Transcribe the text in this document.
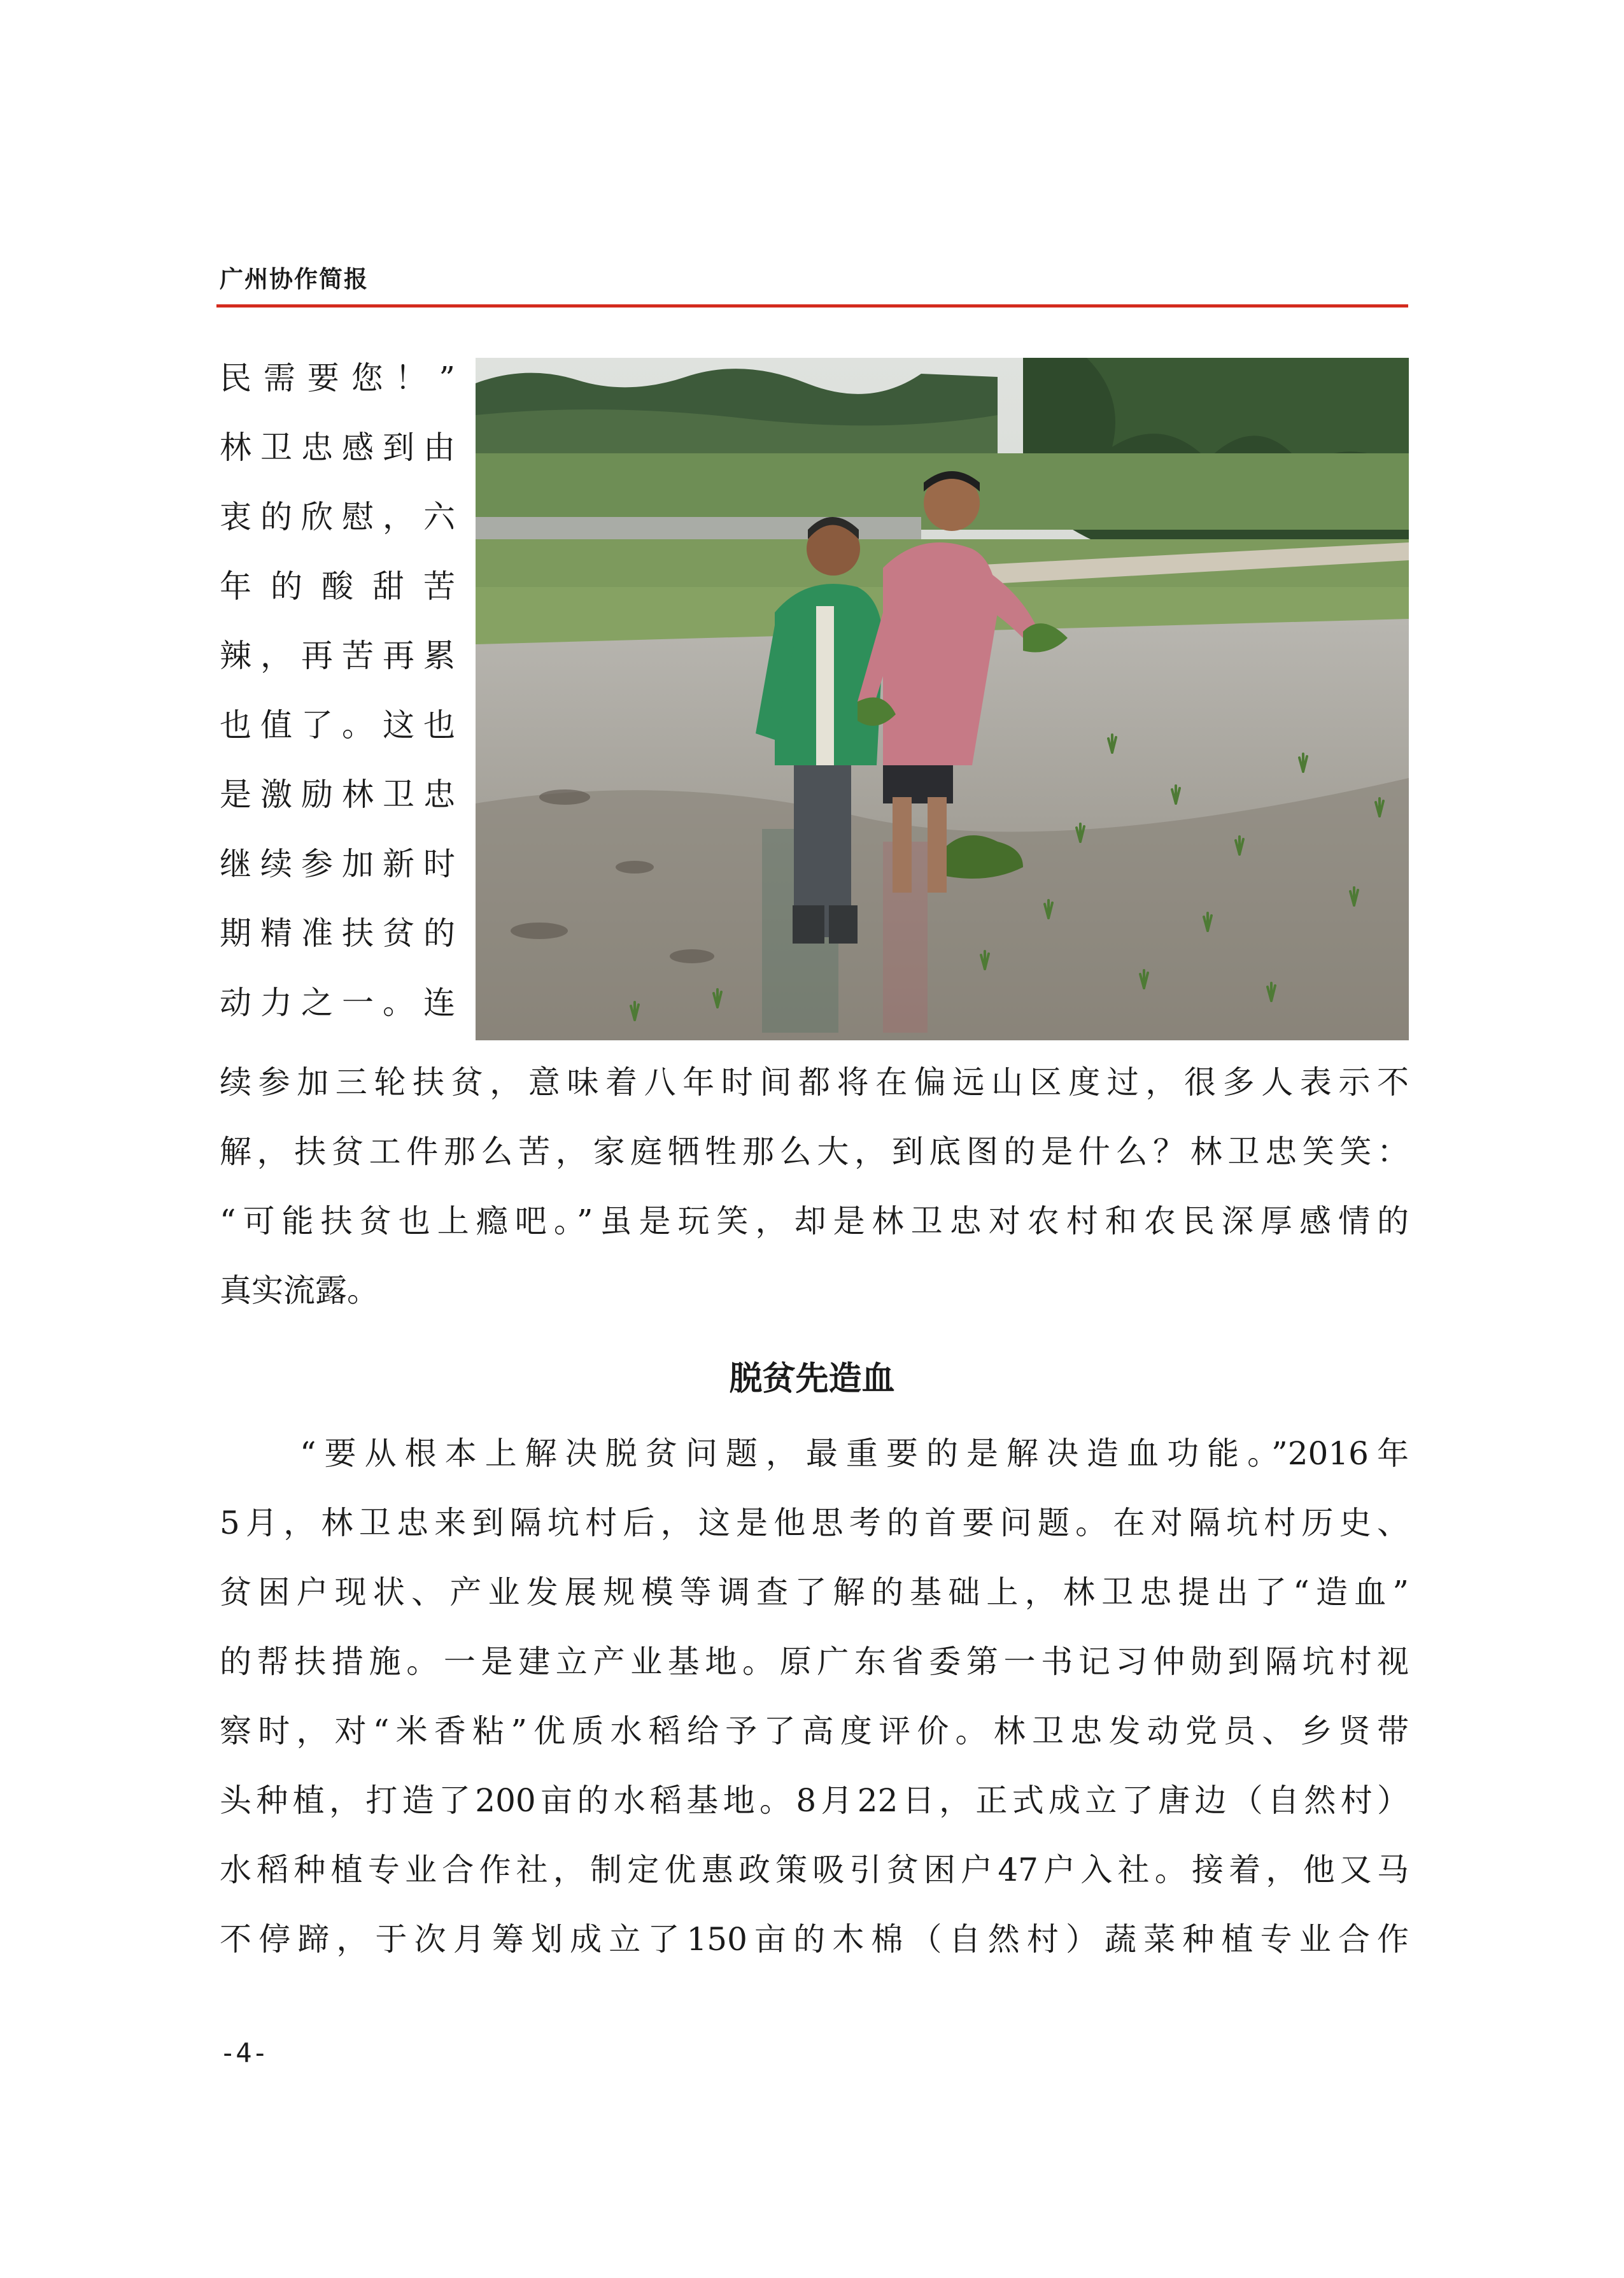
广州协作简报
民需要您！”
林卫忠感到由
衷的欣慰，六
年的酸甜苦
辣，再苦再累
也值了。这也
是激励林卫忠
继续参加新时
期精准扶贫的
动力之一。连
续参加三轮扶贫，意味着八年时间都将在偏远山区度过，很多人表示不
解，扶贫工件那么苦，家庭牺牲那么大，到底图的是什么？林卫忠笑笑：
“可能扶贫也上瘾吧。”虽是玩笑，却是林卫忠对农村和农民深厚感情的
真实流露。
脱贫先造血
　　“要从根本上解决脱贫问题，最重要的是解决造血功能。”2016年
5月，林卫忠来到隔坑村后，这是他思考的首要问题。在对隔坑村历史、
贫困户现状、产业发展规模等调查了解的基础上，林卫忠提出了“造血”
的帮扶措施。一是建立产业基地。原广东省委第一书记习仲勋到隔坑村视
察时，对“米香粘”优质水稻给予了高度评价。林卫忠发动党员、乡贤带
头种植，打造了200亩的水稻基地。8月22日，正式成立了唐边（自然村）
水稻种植专业合作社，制定优惠政策吸引贫困户47户入社。接着，他又马
不停蹄，于次月筹划成立了150亩的木棉（自然村）蔬菜种植专业合作
-4-
